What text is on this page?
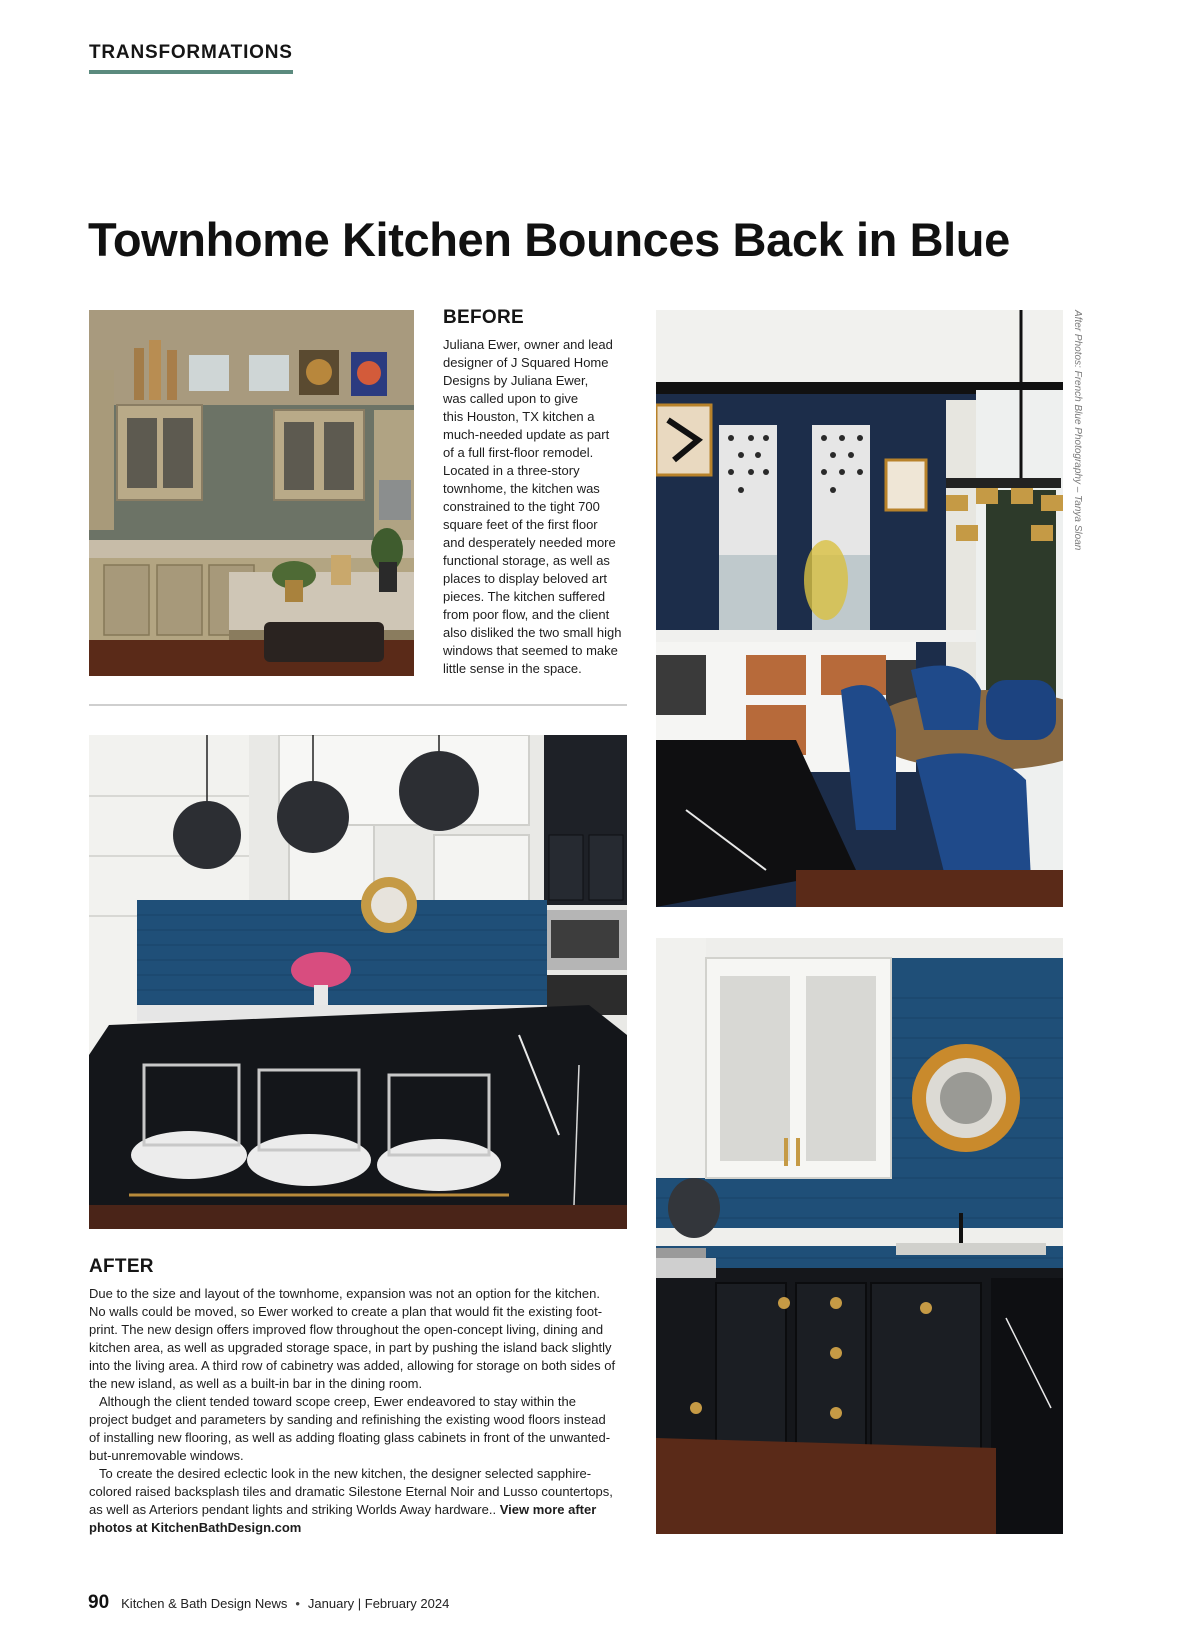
TRANSFORMATIONS
Townhome Kitchen Bounces Back in Blue
BEFORE
Juliana Ewer, owner and lead
designer of J Squared Home
Designs by Juliana Ewer,
was called upon to give
this Houston, TX kitchen a
much-needed update as part
of a full first-floor remodel.
Located in a three-story
townhome, the kitchen was
constrained to the tight 700
square feet of the first floor
and desperately needed more
functional storage, as well as
places to display beloved art
pieces. The kitchen suffered
from poor flow, and the client
also disliked the two small high
windows that seemed to make
little sense in the space.
AFTER

Due to the size and layout of the townhome, expansion was not an option for the kitchen.
No walls could be moved, so Ewer worked to create a plan that would fit the existing foot-
print. The new design offers improved flow throughout the open-concept living, dining and
kitchen area, as well as upgraded storage space, in part by pushing the island back slightly
into the living area. A third row of cabinetry was added, allowing for storage on both sides of
the new island, as well as a built-in bar in the dining room.

Although the client tended toward scope creep, Ewer endeavored to stay within the
project budget and parameters by sanding and refinishing the existing wood floors instead
of installing new flooring, as well as adding floating glass cabinets in front of the unwanted-
but-unremovable windows.

To create the desired eclectic look in the new kitchen, the designer selected sapphire-
colored raised backsplash tiles and dramatic Silestone Eternal Noir and Lusso countertops,
as well as Arteriors pendant lights and striking Worlds Away hardware.. View more after
photos at KitchenBathDesign.com

After Photos: French Blue Photography – Tanya Sloan
90 Kitchen & Bath Design News • January | February 2024
